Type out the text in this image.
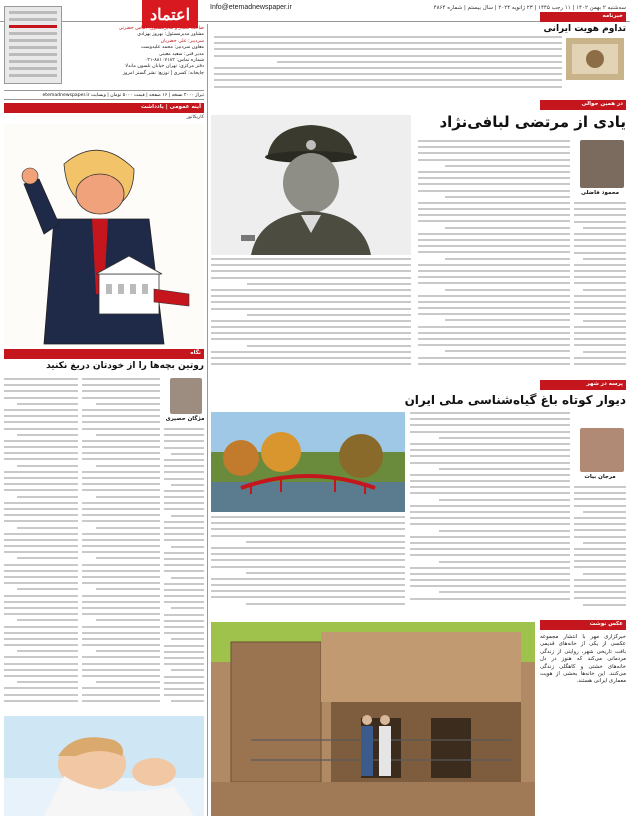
اعتماد	Info@etemadnewspaper.ir	سه‌شنبه ۲ بهمن ۱۴۰۲ | ۱۱ رجب ۱۴۴۵ | ۲۳ ژانویه ۲۰۲۴ | سال بیستم | شماره ۴۸۶۴
صاحب امتیاز و مدیرمسئول: الیاس حضرتی
مشاور مدیرمسئول: بهروز بهزادی
سردبیر: علی خضریان
معاون سردبیر: محمد علیدوست
مدیر فنی: سعید معینی
شماره تماس: ۸۸۱۰۷۱۸۲-۰۲۱
دفتر مرکزی: تهران خیابان نلسون ماندلا
چاپخانه: کسری | توزیع: نشر گستر امروز
تیراژ ۲۰۰۰ نسخه | ۱۶ صفحه | قیمت ۵۰۰۰ تومان | وبسایت etemadnewspaper.ir
آینه عمومی | یادداشت
کاریکاتور
نگاه
روتین بچه‌ها را از خودتان دریغ نکنید
مژگان حصیری
خبرنامه
تداوم هویت ایرانی
در همین حوالی
یادی از مرتضی لبافی‌نژاد
محمود فاضلی
پرسه در شهر
دیوار کوتاه باغ گیاه‌شناسی ملی ایران
مرجان بیات
عکس نوشت
خبرگزاری مهر با انتشار مجموعه عکسی از یکی از خانه‌های قدیمی بافت تاریخی شهر، روایتی از زندگی مردمانی می‌کند که هنوز در دل خانه‌های خشتی و کاهگلی زندگی می‌کنند. این خانه‌ها بخشی از هویت معماری ایرانی هستند.
